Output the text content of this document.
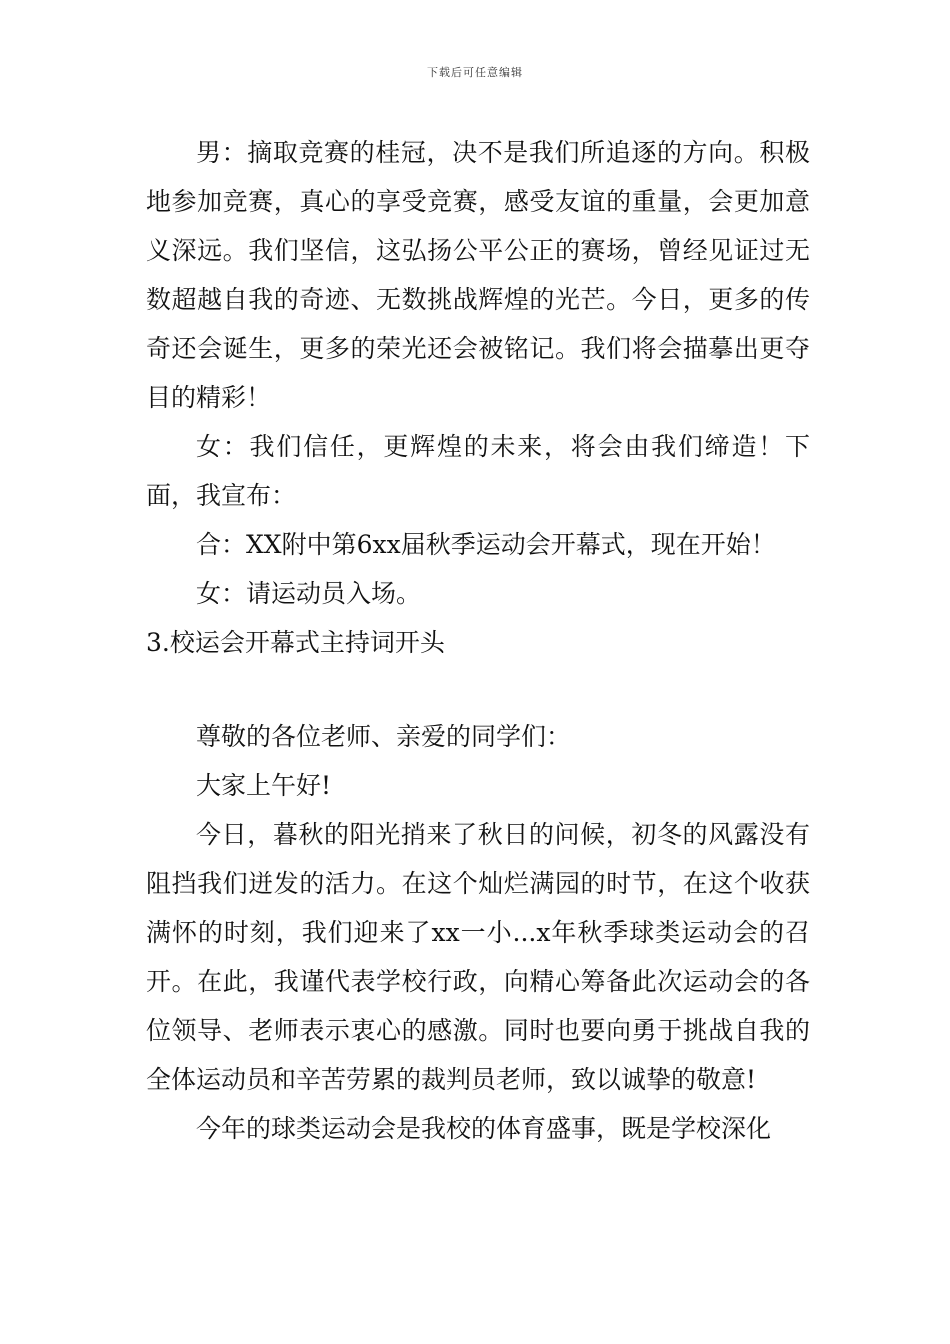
下载后可任意编辑

男：摘取竞赛的桂冠，决不是我们所追逐的方向。积极地参加竞赛，真心的享受竞赛，感受友谊的重量，会更加意义深远。我们坚信，这弘扬公平公正的赛场，曾经见证过无数超越自我的奇迹、无数挑战辉煌的光芒。今日，更多的传奇还会诞生，更多的荣光还会被铭记。我们将会描摹出更夺目的精彩！

女：我们信任，更辉煌的未来，将会由我们缔造！下面，我宣布：

合：XX附中第6xx届秋季运动会开幕式，现在开始！

女：请运动员入场。

3.校运会开幕式主持词开头

尊敬的各位老师、亲爱的同学们：

大家上午好!

今日，暮秋的阳光捎来了秋日的问候，初冬的风露没有阻挡我们迸发的活力。在这个灿烂满园的时节，在这个收获满怀的时刻，我们迎来了xx一小...x年秋季球类运动会的召开。在此，我谨代表学校行政，向精心筹备此次运动会的各位领导、老师表示衷心的感激。同时也要向勇于挑战自我的全体运动员和辛苦劳累的裁判员老师，致以诚挚的敬意!

今年的球类运动会是我校的体育盛事，既是学校深化
